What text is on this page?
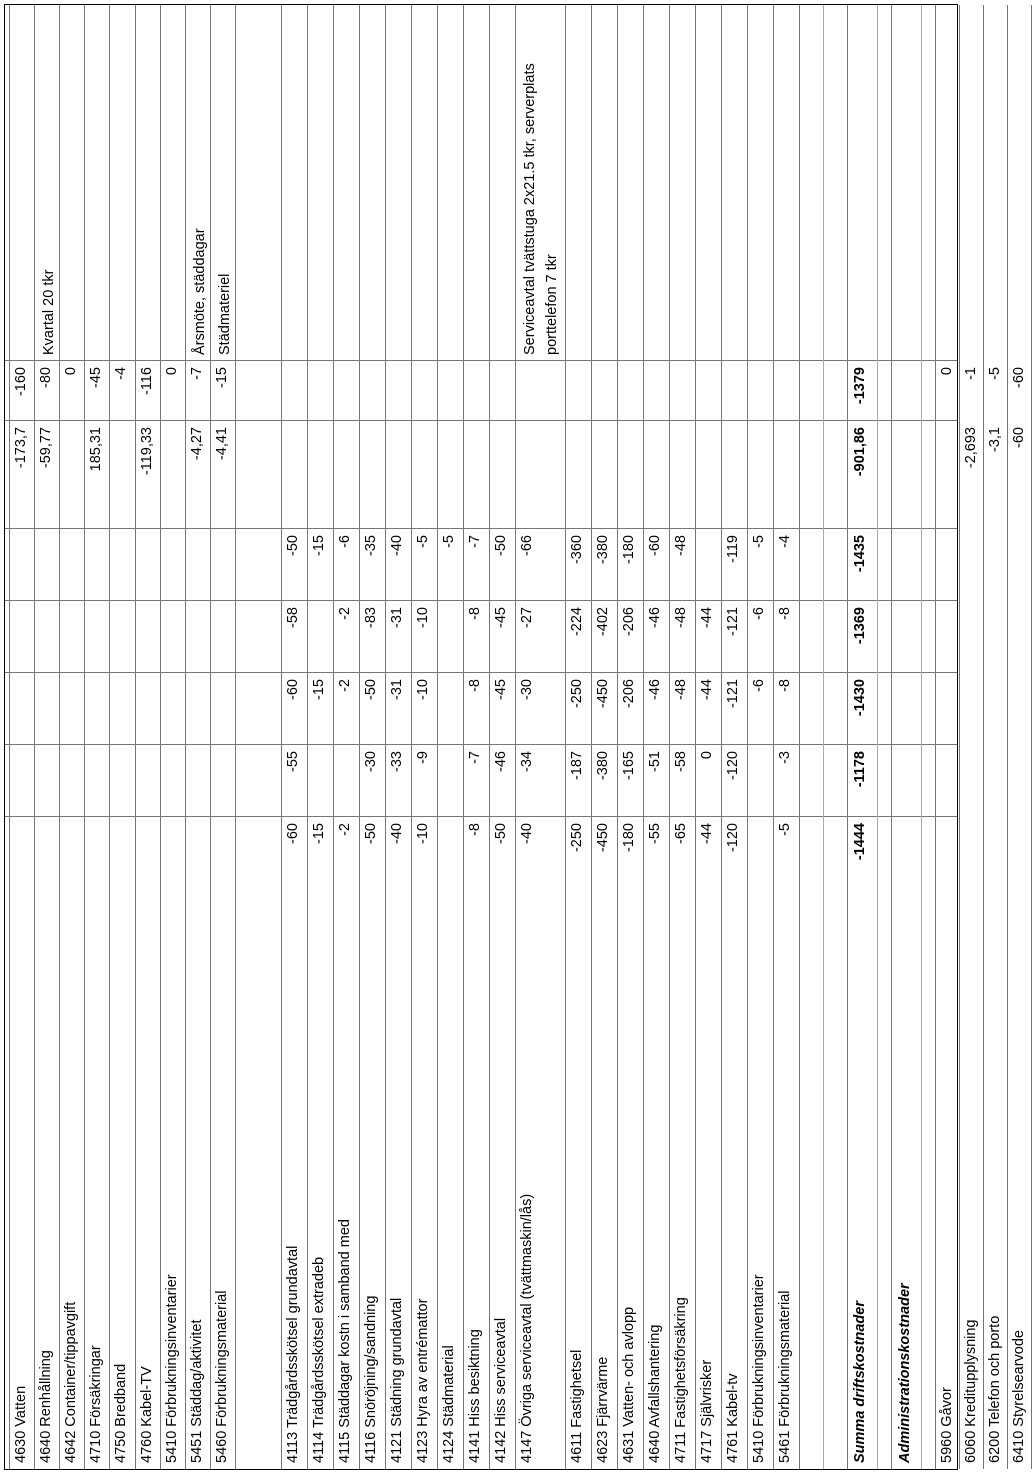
4630 Vatten
-173,7
-160
4640 Renhållning
-59,77
-80
Kvartal 20 tkr
4642 Container/tippavgift
0
4710 Försäkringar
185,31
-45
4750 Bredband
-4
4760 Kabel-TV
-119,33
-116
5410 Förbrukningsinventarier
0
5451 Städdag/aktivitet
-4,27
-7
Årsmöte, städdagar
5460 Förbrukningsmaterial
-4,41
-15
Städmateriel
4113 Trädgårdsskötsel grundavtal
-60
-55
-60
-58
-50
4114 Trädgårdsskötsel extradeb
-15
-15
-15
4115 Städdagar kostn i samband med
-2
-2
-2
-6
4116 Snöröjning/sandning
-50
-30
-50
-83
-35
4121 Städning grundavtal
-40
-33
-31
-31
-40
4123 Hyra av entrémattor
-10
-9
-10
-10
-5
4124 Städmaterial
-5
4141 Hiss besiktning
-8
-7
-8
-8
-7
4142 Hiss serviceavtal
-50
-46
-45
-45
-50
4147 Övriga serviceavtal (tvättmaskin/lås)
-40
-34
-30
-27
-66
Serviceavtal tvättstuga 2x21.5 tkr, serverplats porttelefon 7 tkr
4611 Fastighetsel
-250
-187
-250
-224
-360
4623 Fjärrvärme
-450
-380
-450
-402
-380
4631 Vatten- och avlopp
-180
-165
-206
-206
-180
4640 Avfallshantering
-55
-51
-46
-46
-60
4711 Fastighetsförsäkring
-65
-58
-48
-48
-48
4717 Självrisker
-44
0
-44
-44
4761 Kabel-tv
-120
-120
-121
-121
-119
5410 Förbrukningsinventarier
-6
-6
-5
5461 Förbrukningsmaterial
-5
-3
-8
-8
-4
Summa driftskostnader
-1444
-1178
-1430
-1369
-1435
-901,86
-1379
Administrationskostnader 5960 Gåvor
0
6060 Kreditupplysning
-2,693
-1
6200 Telefon och porto
-3,1
-5
6410 Styrelsearvode
-60
-60
